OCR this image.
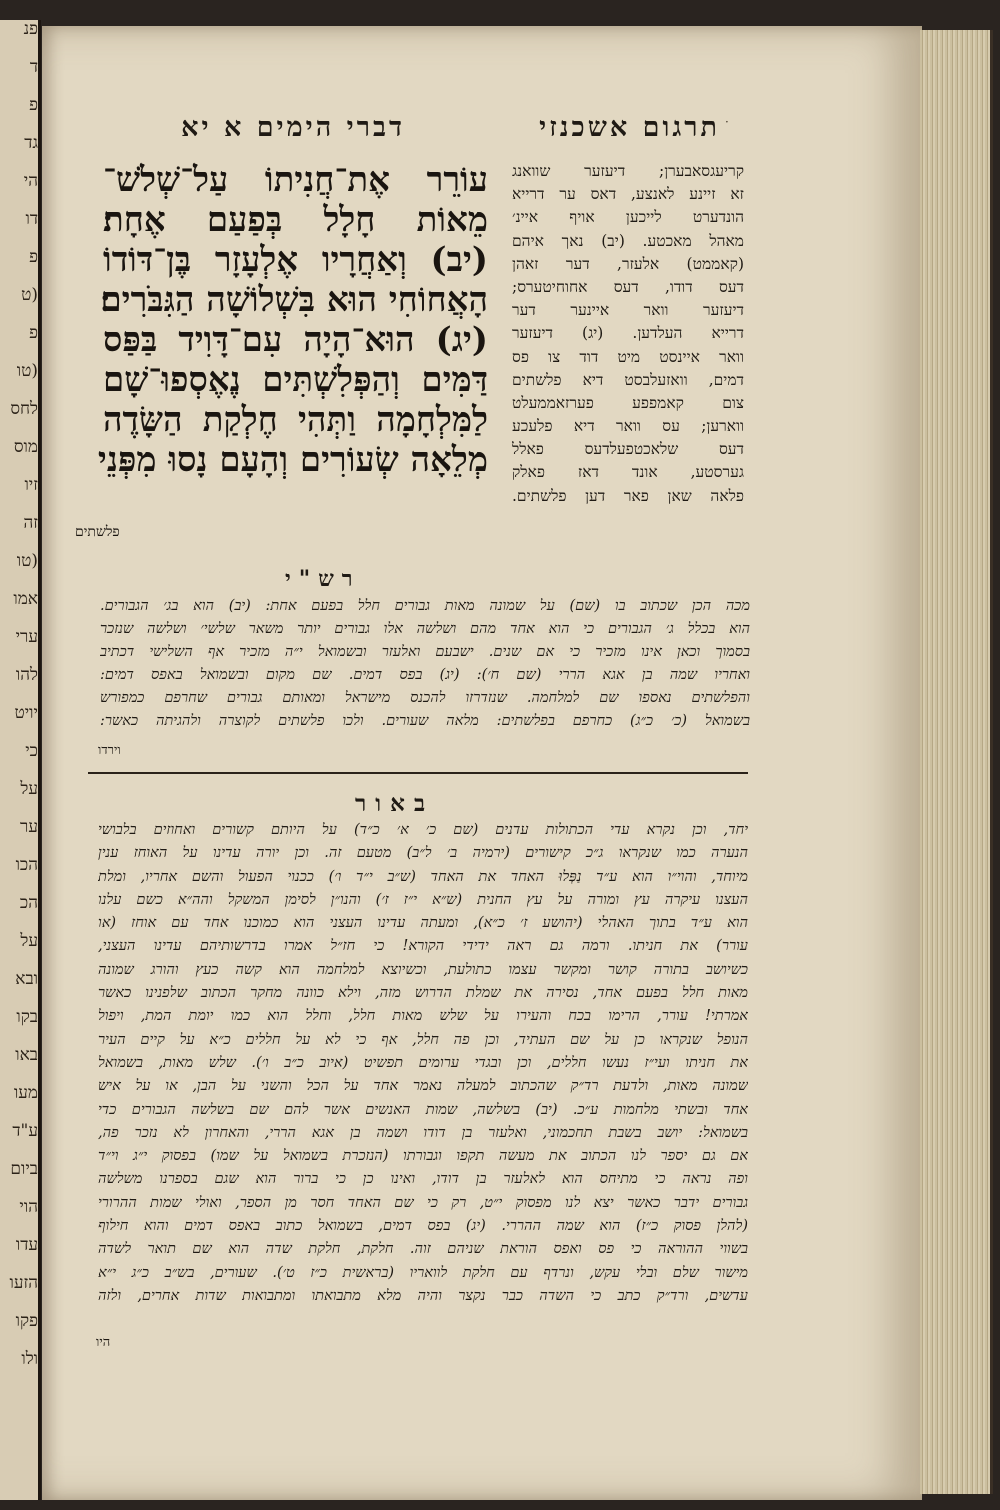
פנ
ד
פ
גד
הי
דו
פ
(ט
פ
(טו
לחס
מוס
זיו
זה
(טו
אמו
ערי
להו
יויט
כי
על
ער
הכו
הכ
על
ובא
בקו
באו
מעו
ע"ד
ביום
הוי
עדו
הזעו
פקו
ולו
דברי הימים א יא	·
תרגום אשכנזי
עוֹרֵר אֶת־חֲנִיתוֹ עַל־שְׁלֹשׁ־
מֵאוֹת חָלָל בְּפַעַם אֶחָת׃
(יב) וְאַחֲרָיו אֶלְעָזָר בֶּן־דּוֹדוֹ
הָאֲחוֹחִי הוּא בִּשְׁלוֹשָׁה הַגִּבֹּרִים׃
(יג) הוּא־הָיָה עִם־דָּוִיד בַּפַּס
דַּמִּים וְהַפְּלִשְׁתִּים נֶאֶסְפוּ־שָׁם
לַמִּלְחָמָה וַתְּהִי חֶלְקַת הַשָּׂדֶה
מְלֵאָה שְׂעוֹרִים וְהָעָם נָסוּ מִפְּנֵי
פלשתים
קריעגסאבערן; דיעזער שוואנג
זא זיינע לאנצע, דאס ער דרייא
הונדערט לייכען אויף איינ׳
מאהל מאכטע. (יב) נאך איהם
(קאממט) אלעזר, דער זאהן
דעס דודו, דעס אחוחיטערס;
דיעזער וואר איינער דער
דרייא העלדען. (יג) דיעזער
וואר איינסט מיט דוד צו פס
דמים, וואזעלבסט דיא פלשתים
צום קאמפפע פערזאממעלט
ווארען; עס וואר דיא פלעכע
דעס שלאכטפעלדעס פאלל
גערסטע, אונד דאז פאלק
פלאה שאן פאר דען פלשתים.
רש"י
מכה הכן שכתוב בו (שם) על שמונה מאות גבורים חלל בפעם אחת: (יב) הוא בג׳ הגבורים.
הוא בכלל ג׳ הגבורים כי הוא אחד מהם ושלשה אלו גבורים יותר משאר שלשי׳ ושלשה שנזכר
בסמוך וכאן אינו מזכיר כי אם שנים. ישבעם ואלעזר ובשמואל י״ה מזכיר אף השלישי דכתיב
ואחריו שמה בן אגא הררי (שם ח׳): (יג) בפס דמים. שם מקום ובשמואל באפס דמים:
והפלשתים נאספו שם למלחמה. שנזדרזו להכנס מישראל ומאותם גבורים שחרפם כמפורש
בשמואל (כ׳ כ״ג) כחרפם בפלשתים: מלאה שעורים. ולכו פלשתים לקוצרה ולהגיתה כאשר:
וירדו
באור
יחד, וכן נקרא עדי הכתולות עדנים (שם כ׳ א׳ כ״ד) על היותם קשורים ואחוזים בלבושי
הנערה כמו שנקראו ג״כ קישורים (ירמיה ב׳ ל״ב) מטעם זה. וכן יורה עדינו על האוחז ענין
מיוחד, והוי״ו הוא ע״ד נַפְּלוּ האחד את האחד (ש״ב י״ד ו׳) ככנוי הפעול והשם אחריו, ומלת
העצנו עיקרה עץ ומורה על עץ החנית (ש״א י״ז ז׳) והנו״ן לסימן המשקל והה״א כשם עלנו
הוא ע״ד בתוך האהלי (יהושע ז׳ כ״א), ומעתה עדינו העצני הוא כמוכנו אחד עם אוחז (או
עורר) את חניתו. ורמה גם ראה ידידי הקורא! כי חז״ל אמרו בדרשותיהם עדינו העצני,
כשיושב בתורה קושר ומקשר עצמו כתולעת, וכשיוצא למלחמה הוא קשה כעץ והורג שמונה
מאות חלל בפעם אחד, נסירה את שמלת הדרוש מזה, וילא כוונה מחקר הכתוב שלפנינו כאשר
אמרתי! עורר, הרימו בכח והעירו על שלש מאות חלל, וחלל הוא כמו יומת המת, ויפול
הנופל שנקראו כן על שם העתיד, וכן פה חלל, אף כי לא על חללים כ״א על קיים העיר
את חניתו ועי״ז נעשו חללים, וכן ובגדי ערומים תפשיט (איוב כ״ב ו׳). שלש מאות, בשמואל
שמונה מאות, ולדעת רד״ק שהכתוב למעלה נאמר אחד על הכל והשני על הבן, או על איש
אחד ובשתי מלחמות ע״כ. (יב) בשלשה, שמות האנשים אשר להם שם בשלשה הגבורים כדי
בשמואל: יושב בשבת תחכמוני, ואלעזר בן דודו ושמה בן אגא הררי, והאחרון לא נזכר פה,
אם גם יספר לנו הכתוב את מעשה תקפו וגבורתו (הנזכרת בשמואל על שמו) בפסוק י״ג וי״ד
ופה נראה כי מתיחס הוא לאלעזר בן דודו, ואינו כן כי ברור הוא שגם בספרנו משלשה
גבורים ידבר כאשר יצא לנו מפסוק י״ט, רק כי שם האחד חסר מן הספר, ואולי שמות ההרורי
(להלן פסוק כ״ז) הוא שמה ההררי. (יג) בפס דמים, בשמואל כתוב באפס דמים והוא חילוף
בשווי ההוראה כי פס ואפס הוראת שניהם זוה. חלקת, חלקת שדה הוא שם תואר לשדה
מישור שלם ובלי עקש, ונרדף עם חלקת לוואריו (בראשית כ״ז ט׳). שעורים, בש״ב כ״ג י״א
עדשים, ורד״ק כתב כי השדה כבר נקצר והיה מלא מתבואתו ומתבואות שדות אחרים, ולזה
היו
